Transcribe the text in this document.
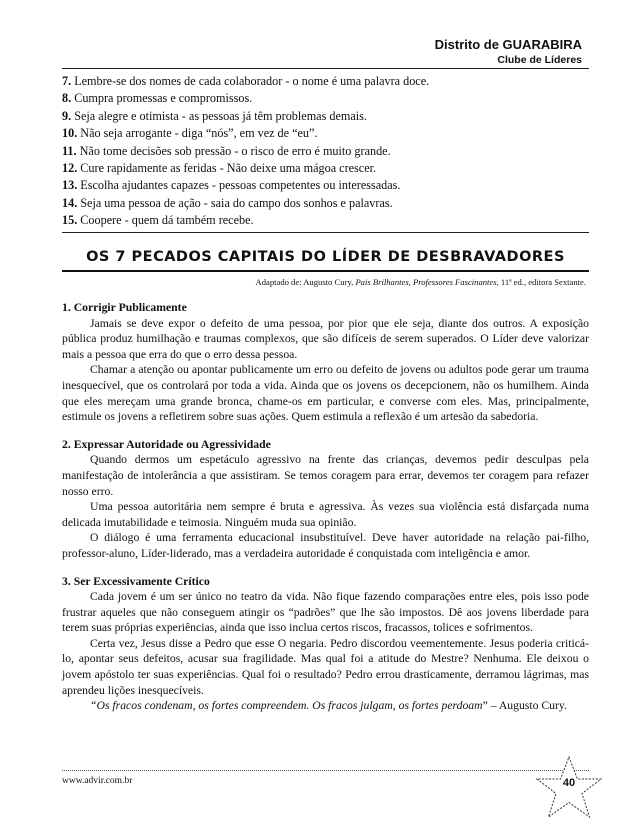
Distrito de GUARABIRA
Clube de Líderes
7. Lembre-se dos nomes de cada colaborador - o nome é uma palavra doce.
8. Cumpra promessas e compromissos.
9. Seja alegre e otimista - as pessoas já têm problemas demais.
10. Não seja arrogante - diga “nós”, em vez de “eu”.
11. Não tome decisões sob pressão - o risco de erro é muito grande.
12. Cure rapidamente as feridas - Não deixe uma mágoa crescer.
13. Escolha ajudantes capazes - pessoas competentes ou interessadas.
14. Seja uma pessoa de ação - saia do campo dos sonhos e palavras.
15. Coopere - quem dá também recebe.
OS 7 PECADOS CAPITAIS DO LÍDER DE DESBRAVADORES
Adaptado de: Augusto Cury, Pais Brilhantes, Professores Fascinantes, 11ª ed., editora Sextante.
1. Corrigir Publicamente

Jamais se deve expor o defeito de uma pessoa, por pior que ele seja, diante dos outros. A exposição pública produz humilhação e traumas complexos, que são difíceis de serem superados. O Líder deve valorizar mais a pessoa que erra do que o erro dessa pessoa.

Chamar a atenção ou apontar publicamente um erro ou defeito de jovens ou adultos pode gerar um trauma inesquecível, que os controlará por toda a vida. Ainda que os jovens os decepcionem, não os humilhem. Ainda que eles mereçam uma grande bronca, chame-os em particular, e converse com eles. Mas, principalmente, estimule os jovens a refletirem sobre suas ações. Quem estimula a reflexão é um artesão da sabedoria.

2. Expressar Autoridade ou Agressividade

Quando dermos um espetáculo agressivo na frente das crianças, devemos pedir desculpas pela manifestação de intolerância a que assistiram. Se temos coragem para errar, devemos ter coragem para refazer nosso erro.

Uma pessoa autoritária nem sempre é bruta e agressiva. Às vezes sua violência está disfarçada numa delicada imutabilidade e teimosia. Ninguém muda sua opinião.

O diálogo é uma ferramenta educacional insubstituível. Deve haver autoridade na relação pai-filho, professor-aluno, Líder-liderado, mas a verdadeira autoridade é conquistada com inteligência e amor.

3. Ser Excessivamente Crítico

Cada jovem é um ser único no teatro da vida. Não fique fazendo comparações entre eles, pois isso pode frustrar aqueles que não conseguem atingir os “padrões” que lhe são impostos. Dê aos jovens liberdade para terem suas próprias experiências, ainda que isso inclua certos riscos, fracassos, tolices e sofrimentos.

Certa vez, Jesus disse a Pedro que esse O negaria. Pedro discordou veementemente. Jesus poderia criticá-lo, apontar seus defeitos, acusar sua fragilidade. Mas qual foi a atitude do Mestre? Nenhuma. Ele deixou o jovem apóstolo ter suas experiências. Qual foi o resultado? Pedro errou drasticamente, derramou lágrimas, mas aprendeu lições inesquecíveis.

“Os fracos condenam, os fortes compreendem. Os fracos julgam, os fortes perdoam” – Augusto Cury.

www.advir.com.br	40
